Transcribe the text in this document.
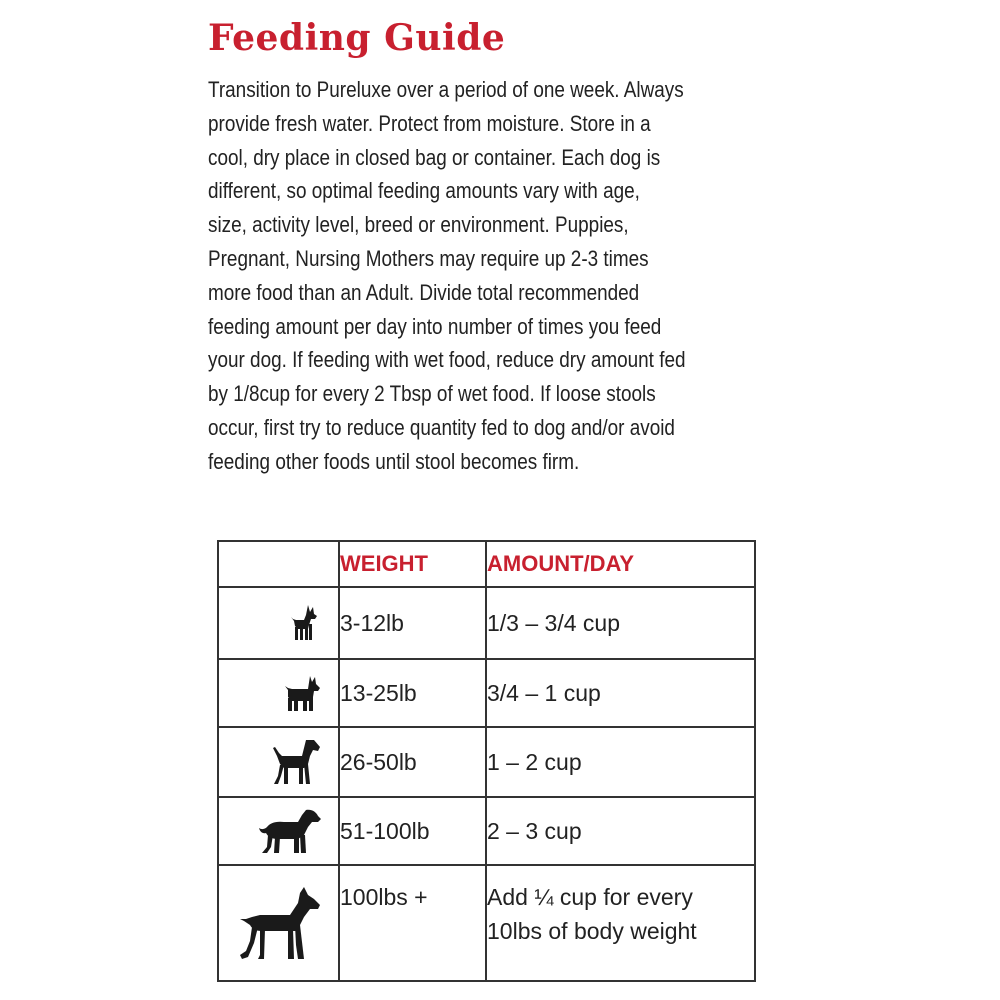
Feeding Guide
Transition to Pureluxe over a period of one week. Always
provide fresh water. Protect from moisture. Store in a
cool, dry place in closed bag or container. Each dog is
different, so optimal feeding amounts vary with age,
size, activity level, breed or environment. Puppies,
Pregnant, Nursing Mothers may require up 2-3 times
more food than an Adult. Divide total recommended
feeding amount per day into number of times you feed
your dog. If feeding with wet food, reduce dry amount fed
by 1/8cup for every 2 Tbsp of wet food. If loose stools
occur, first try to reduce quantity fed to dog and/or avoid
feeding other foods until stool becomes firm.
	WEIGHT	AMOUNT/DAY
	3-12lb	1/3 – 3/4 cup
	13-25lb	3/4 – 1 cup
	26-50lb	1 – 2 cup
	51-100lb	2 – 3 cup
	100lbs +	Add ¼ cup for every
10lbs of body weight
